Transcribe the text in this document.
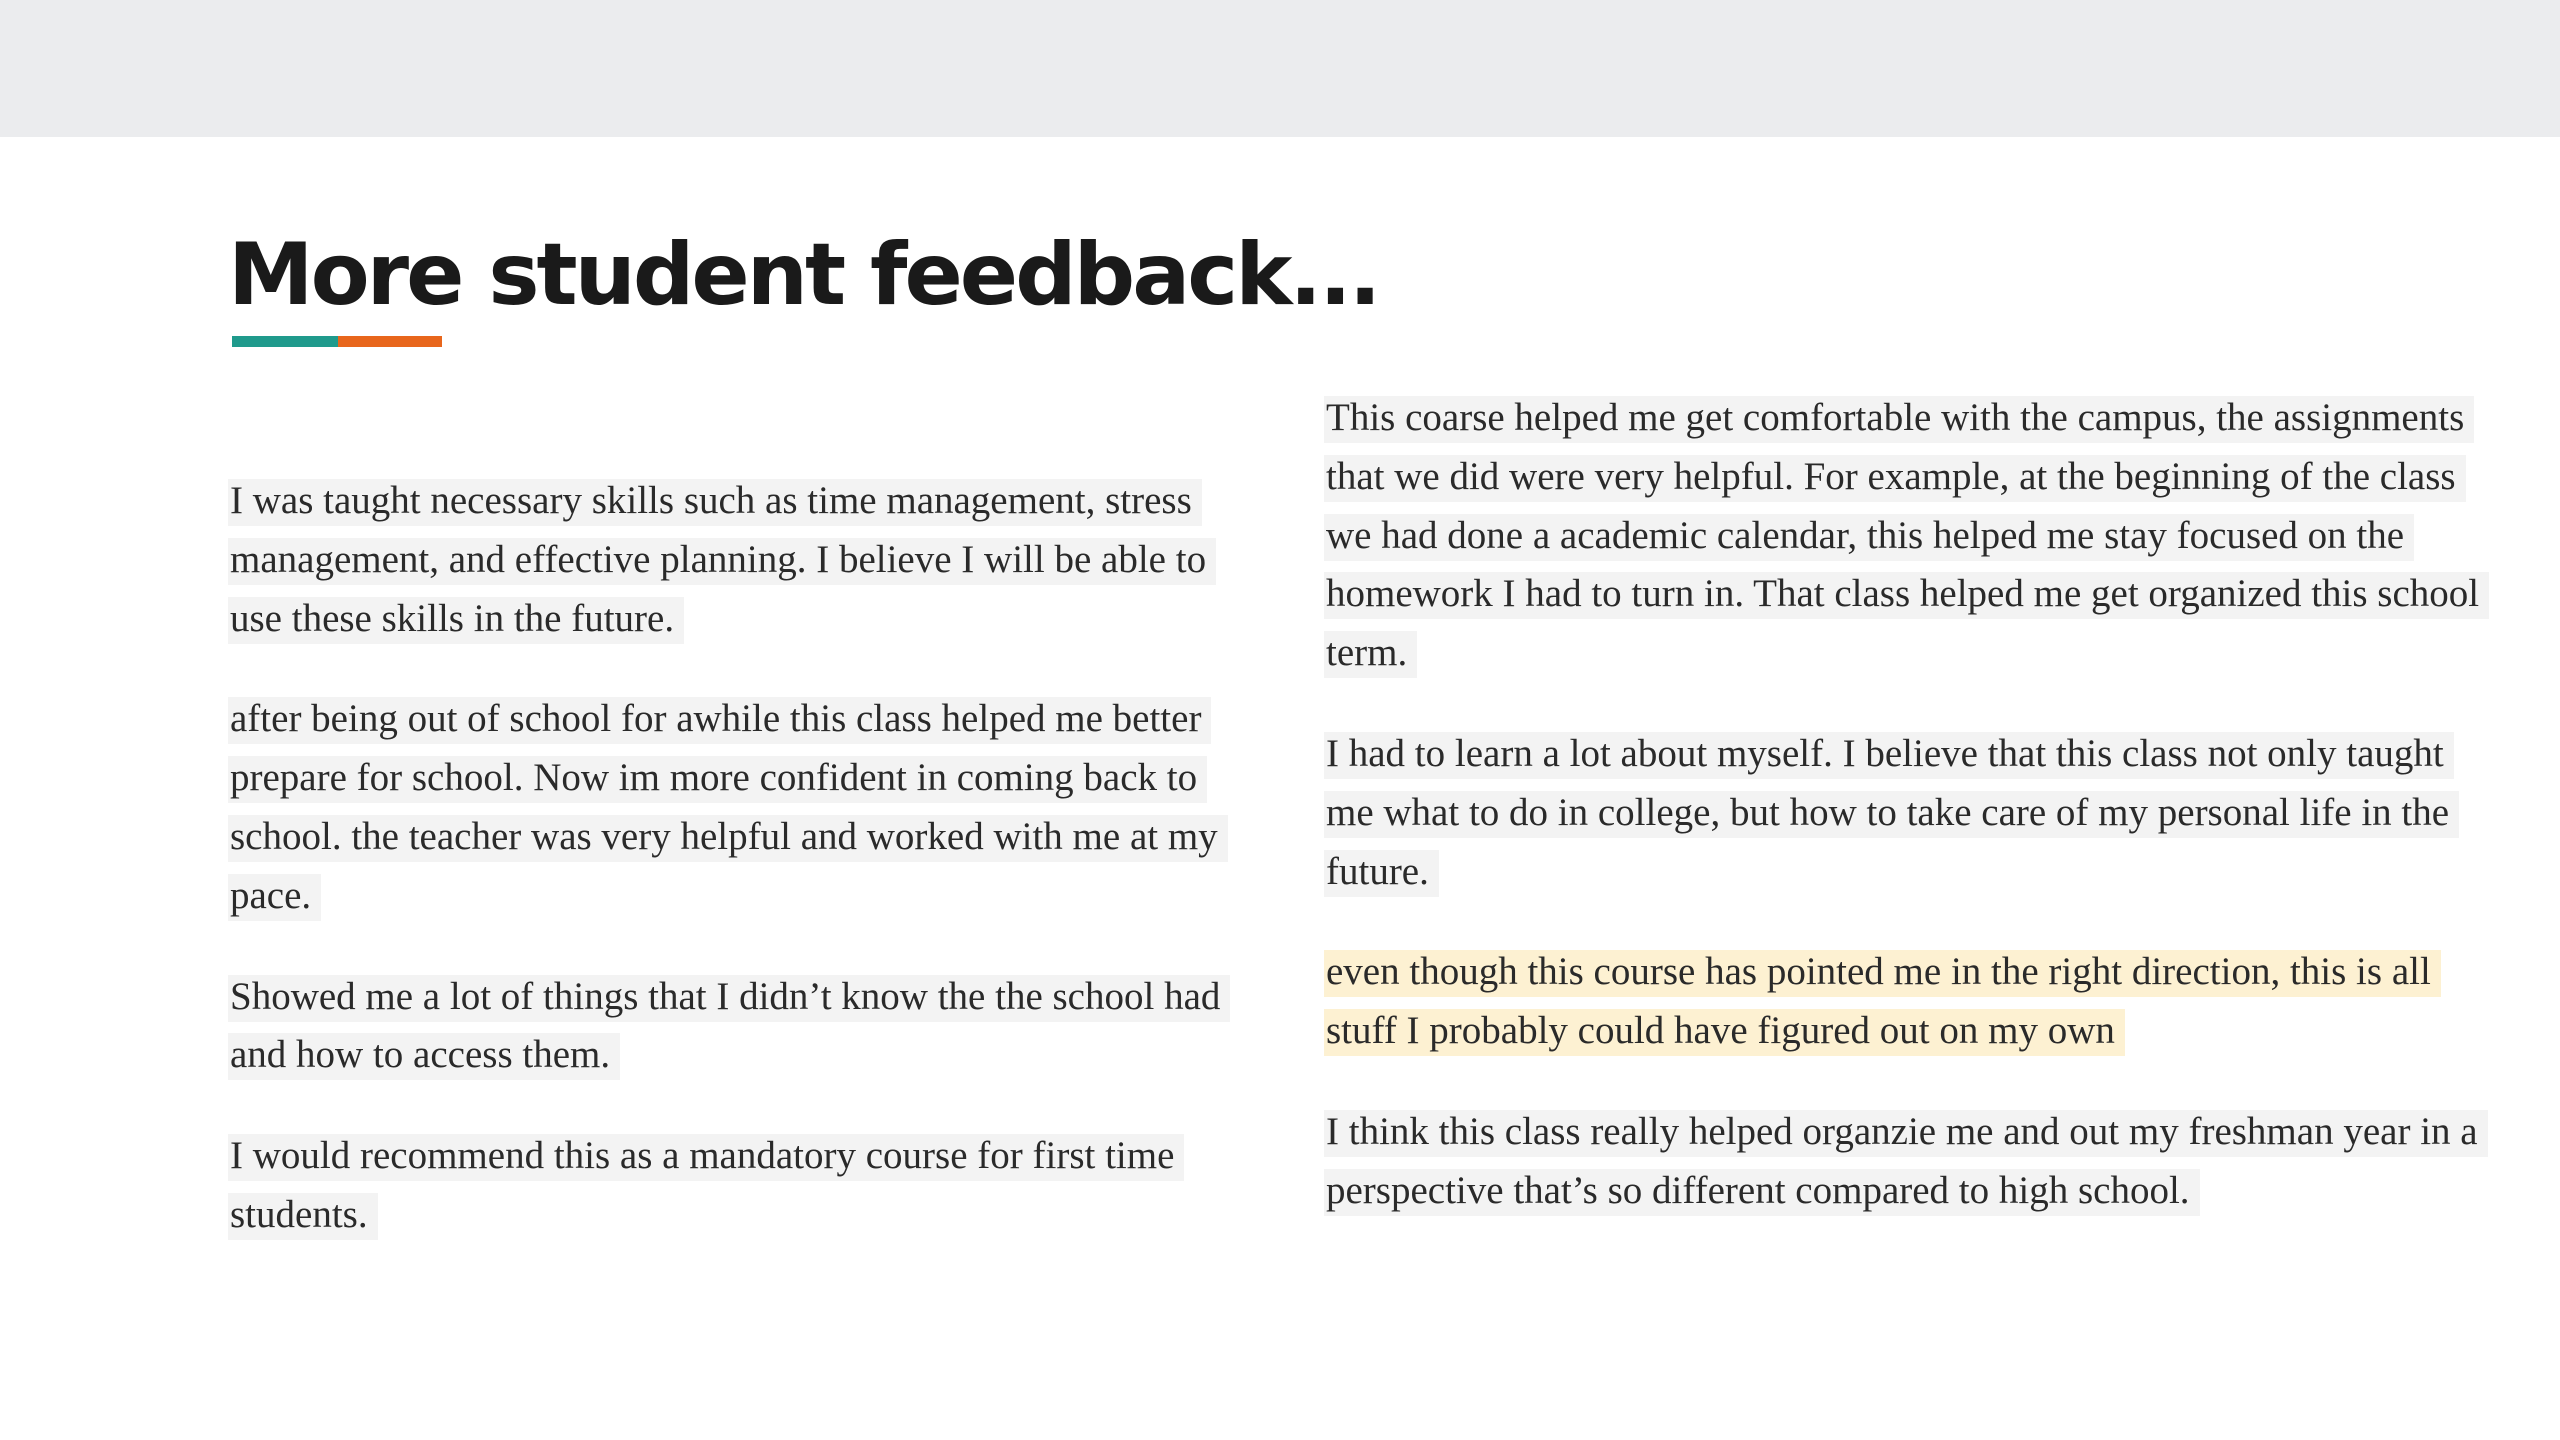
More student feedback...

I was taught necessary skills such as time management, stress management, and effective planning. I believe I will be able to use these skills in the future.

after being out of school for awhile this class helped me better prepare for school. Now im more confident in coming back to school. the teacher was very helpful and worked with me at my pace.

Showed me a lot of things that I didn’t know the the school had and how to access them.

I would recommend this as a mandatory course for first time students.

This coarse helped me get comfortable with the campus, the assignments that we did were very helpful. For example, at the beginning of the class we had done a academic calendar, this helped me stay focused on the homework I had to turn in. That class helped me get organized this school term.

I had to learn a lot about myself. I believe that this class not only taught me what to do in college, but how to take care of my personal life in the future.

even though this course has pointed me in the right direction, this is all stuff I probably could have figured out on my own

I think this class really helped organzie me and out my freshman year in a perspective that’s so different compared to high school.
